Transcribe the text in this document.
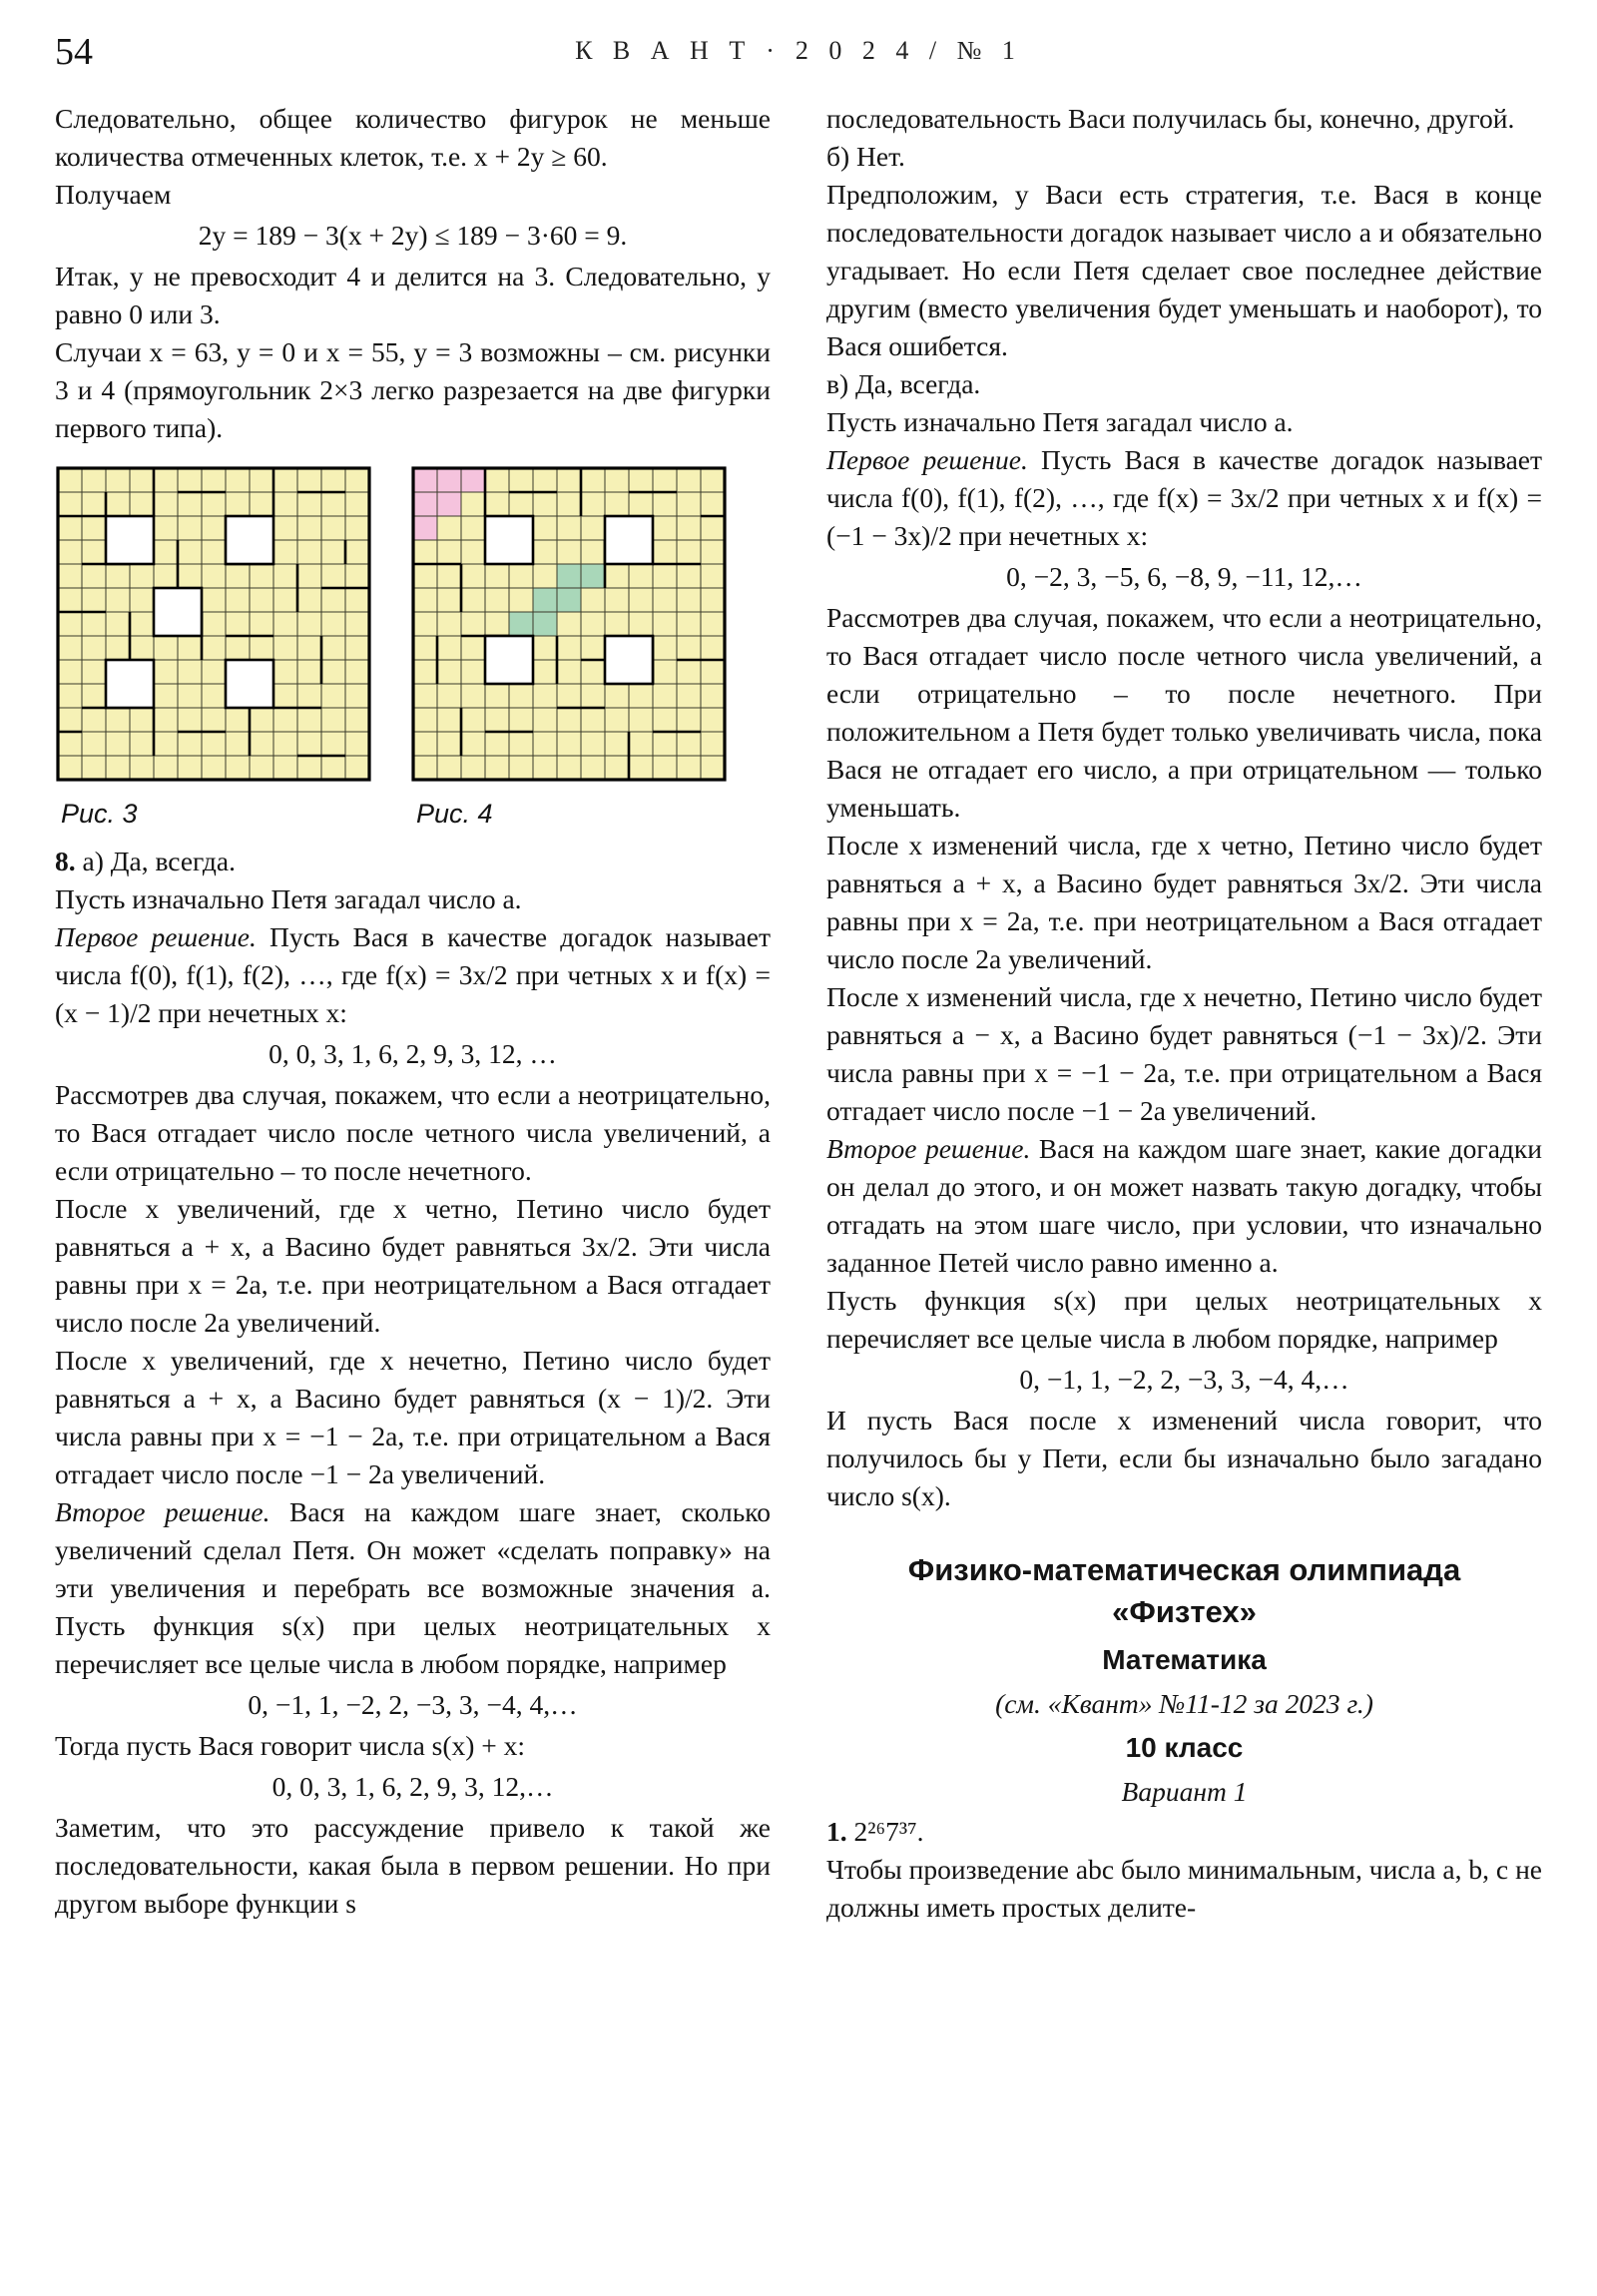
54	К В А Н Т · 2 0 2 4 / № 1

Следовательно, общее количество фигурок не меньше количества отмеченных клеток, т.е. x + 2y ≥ 60.

Получаем

2y = 189 − 3(x + 2y) ≤ 189 − 3·60 = 9.

Итак, y не превосходит 4 и делится на 3. Следовательно, y равно 0 или 3.

Случаи x = 63, y = 0 и x = 55, y = 3 возможны – см. рисунки 3 и 4 (прямоугольник 2×3 легко разрезается на две фигурки первого типа).

Рис. 3	Рис. 4

8. а) Да, всегда.

Пусть изначально Петя загадал число a.

Первое решение. Пусть Вася в качестве догадок называет числа f(0), f(1), f(2), …, где f(x) = 3x/2 при четных x и f(x) = (x − 1)/2 при нечетных x:

0, 0, 3, 1, 6, 2, 9, 3, 12, …

Рассмотрев два случая, покажем, что если a неотрицательно, то Вася отгадает число после четного числа увеличений, а если отрицательно – то после нечетного.

После x увеличений, где x четно, Петино число будет равняться a + x, а Васино будет равняться 3x/2. Эти числа равны при x = 2a, т.е. при неотрицательном a Вася отгадает число после 2a увеличений.

После x увеличений, где x нечетно, Петино число будет равняться a + x, а Васино будет равняться (x − 1)/2. Эти числа равны при x = −1 − 2a, т.е. при отрицательном a Вася отгадает число после −1 − 2a увеличений.

Второе решение. Вася на каждом шаге знает, сколько увеличений сделал Петя. Он может «сделать поправку» на эти увеличения и перебрать все возможные значения a. Пусть функция s(x) при целых неотрицательных x перечисляет все целые числа в любом порядке, например

0, −1, 1, −2, 2, −3, 3, −4, 4,…

Тогда пусть Вася говорит числа s(x) + x:

0, 0, 3, 1, 6, 2, 9, 3, 12,…

Заметим, что это рассуждение привело к такой же последовательности, какая была в первом решении. Но при другом выборе функции s

последовательность Васи получилась бы, конечно, другой.

б) Нет.

Предположим, у Васи есть стратегия, т.е. Вася в конце последовательности догадок называет число a и обязательно угадывает. Но если Петя сделает свое последнее действие другим (вместо увеличения будет уменьшать и наоборот), то Вася ошибется.

в) Да, всегда.

Пусть изначально Петя загадал число a.

Первое решение. Пусть Вася в качестве догадок называет числа f(0), f(1), f(2), …, где f(x) = 3x/2 при четных x и f(x) = (−1 − 3x)/2 при нечетных x:

0, −2, 3, −5, 6, −8, 9, −11, 12,…

Рассмотрев два случая, покажем, что если a неотрицательно, то Вася отгадает число после четного числа увеличений, а если отрицательно – то после нечетного. При положительном a Петя будет только увеличивать числа, пока Вася не отгадает его число, а при отрицательном — только уменьшать.

После x изменений числа, где x четно, Петино число будет равняться a + x, а Васино будет равняться 3x/2. Эти числа равны при x = 2a, т.е. при неотрицательном a Вася отгадает число после 2a увеличений.

После x изменений числа, где x нечетно, Петино число будет равняться a − x, а Васино будет равняться (−1 − 3x)/2. Эти числа равны при x = −1 − 2a, т.е. при отрицательном a Вася отгадает число после −1 − 2a увеличений.

Второе решение. Вася на каждом шаге знает, какие догадки он делал до этого, и он может назвать такую догадку, чтобы отгадать на этом шаге число, при условии, что изначально заданное Петей число равно именно a.

Пусть функция s(x) при целых неотрицательных x перечисляет все целые числа в любом порядке, например

0, −1, 1, −2, 2, −3, 3, −4, 4,…

И пусть Вася после x изменений числа говорит, что получилось бы у Пети, если бы изначально было загадано число s(x).

Физико-математическая олимпиада «Физтех»
Математика
(см. «Квант» №11-12 за 2023 г.)
10 класс
Вариант 1

1. 2²⁶7³⁷.

Чтобы произведение abc было минимальным, числа a, b, c не должны иметь простых делите-
